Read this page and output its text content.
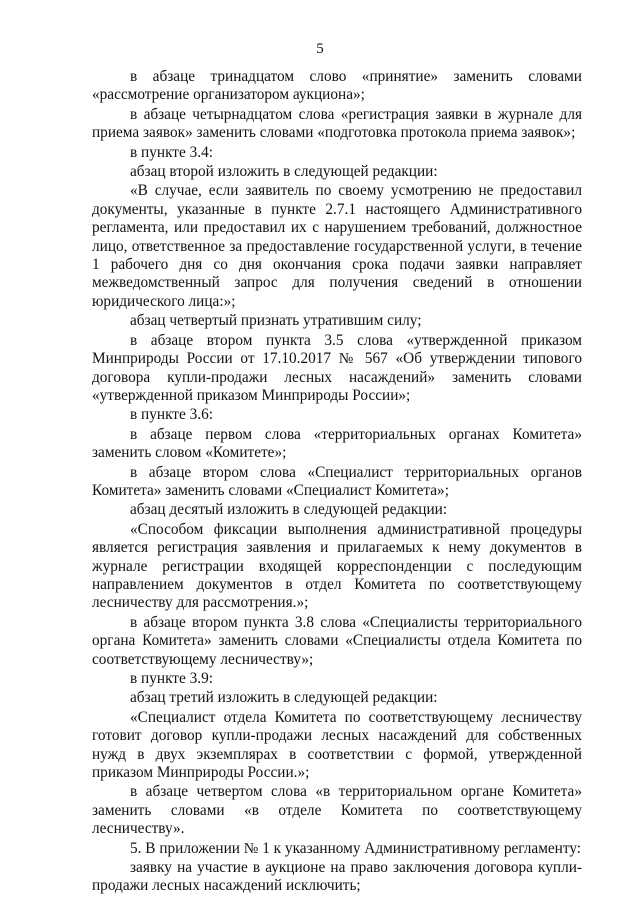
5

в абзаце тринадцатом слово «принятие» заменить словами «рассмотрение организатором аукциона»;

в абзаце четырнадцатом слова «регистрация заявки в журнале для приема заявок» заменить словами «подготовка протокола приема заявок»;

в пункте 3.4:

абзац второй изложить в следующей редакции:

«В случае, если заявитель по своему усмотрению не предоставил документы, указанные в пункте 2.7.1 настоящего Административного регламента, или предоставил их с нарушением требований, должностное лицо, ответственное за предоставление государственной услуги, в течение 1 рабочего дня со дня окончания срока подачи заявки направляет межведомственный запрос для получения сведений в отношении юридического лица:»;

абзац четвертый признать утратившим силу;

в абзаце втором пункта 3.5 слова «утвержденной приказом Минприроды России от 17.10.2017 № 567 «Об утверждении типового договора купли-продажи лесных насаждений» заменить словами «утвержденной приказом Минприроды России»;

в пункте 3.6:

в абзаце первом слова «территориальных органах Комитета» заменить словом «Комитете»;

в абзаце втором слова «Специалист территориальных органов Комитета» заменить словами «Специалист Комитета»;

абзац десятый изложить в следующей редакции:

«Способом фиксации выполнения административной процедуры является регистрация заявления и прилагаемых к нему документов в журнале регистрации входящей корреспонденции с последующим направлением документов в отдел Комитета по соответствующему лесничеству для рассмотрения.»;

в абзаце втором пункта 3.8 слова «Специалисты территориального органа Комитета» заменить словами «Специалисты отдела Комитета по соответствующему лесничеству»;

в пункте 3.9:

абзац третий изложить в следующей редакции:

«Специалист отдела Комитета по соответствующему лесничеству готовит договор купли-продажи лесных насаждений для собственных нужд в двух экземплярах в соответствии с формой, утвержденной приказом Минприроды России.»;

в абзаце четвертом слова «в территориальном органе Комитета» заменить словами «в отделе Комитета по соответствующему лесничеству».

5. В приложении № 1 к указанному Административному регламенту:

заявку на участие в аукционе на право заключения договора купли-продажи лесных насаждений исключить;
